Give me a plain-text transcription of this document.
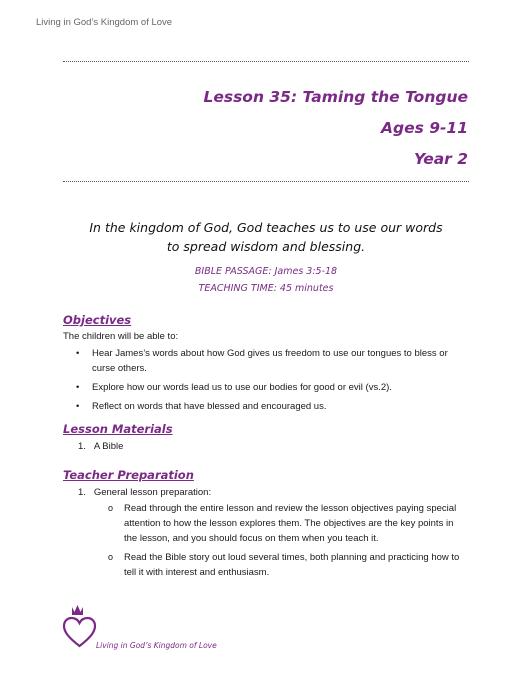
Living in God’s Kingdom of Love
Lesson 35: Taming the Tongue
Ages 9-11
Year 2
In the kingdom of God, God teaches us to use our words
to spread wisdom and blessing.
BIBLE PASSAGE: James 3:5-18
TEACHING TIME: 45 minutes
Objectives
The children will be able to:
• Hear James’s words about how God gives us freedom to use our tongues to bless or curse others.
• Explore how our words lead us to use our bodies for good or evil (vs.2).
• Reflect on words that have blessed and encouraged us.
Lesson Materials
1.   A Bible
Teacher Preparation
1.   General lesson preparation:
o Read through the entire lesson and review the lesson objectives paying special attention to how the lesson explores them. The objectives are the key points in the lesson, and you should focus on them when you teach it.
o Read the Bible story out loud several times, both planning and practicing how to tell it with interest and enthusiasm.
Living in God’s Kingdom of Love
